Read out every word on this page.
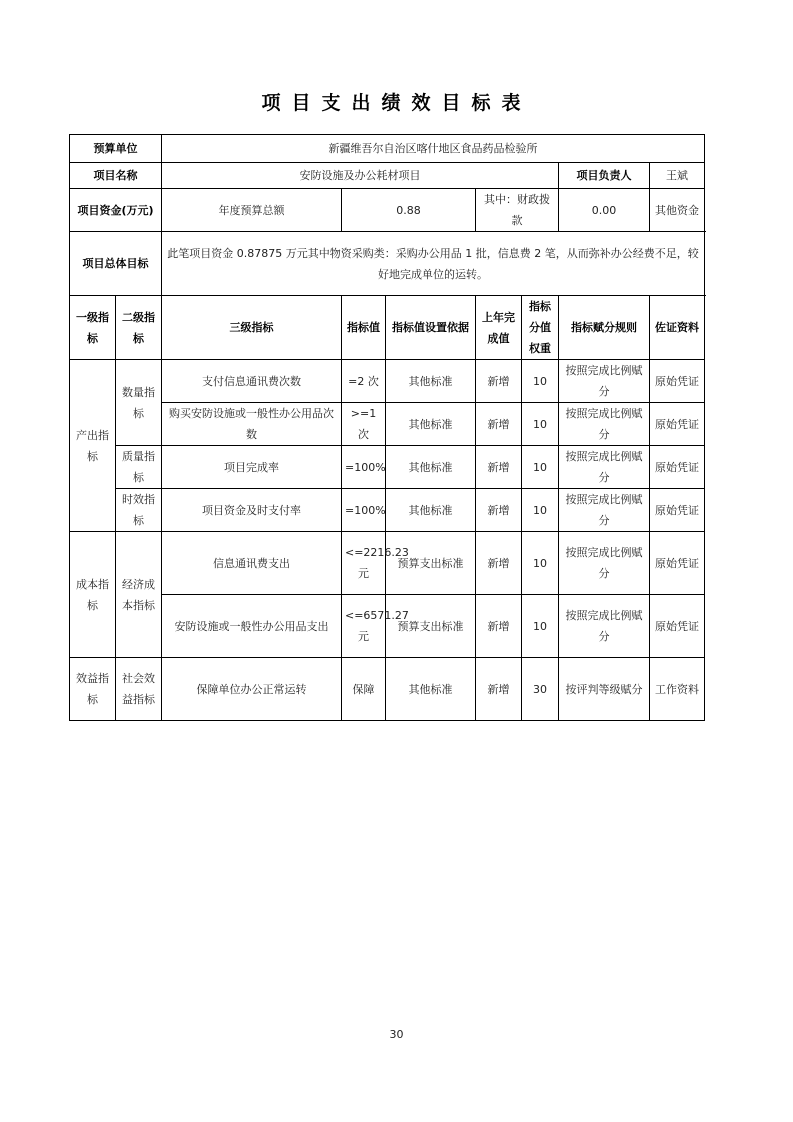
项目支出绩效目标表
预算单位		新疆维吾尔自治区喀什地区食品药品检验所							
项目名称		安防设施及办公耗材项目					项目负责人	王斌	
项目资金(万元)		年度预算总额	0.88		其中：财政拨款		0.00	其他资金	
项目总体目标		此笔项目资金 0.87875 万元其中物资采购类：采购办公用品 1 批，信息费 2 笔，从而弥补办公经费不足，较好地完成单位的运转。							
一级指标	二级指标	三级指标	指标值	指标值设置依据	上年完成值	指标分值权重	指标赋分规则	佐证资料	
产出指标	数量指标	支付信息通讯费次数	=2 次	其他标准	新增	10	按照完成比例赋分	原始凭证	
		购买安防设施或一般性办公用品次数	>=1 次	其他标准	新增	10	按照完成比例赋分	原始凭证	
	质量指标	项目完成率	=100%	其他标准	新增	10	按照完成比例赋分	原始凭证	
	时效指标	项目资金及时支付率	=100%	其他标准	新增	10	按照完成比例赋分	原始凭证	
成本指标	经济成本指标	信息通讯费支出	<=2216.23 元	预算支出标准	新增	10	按照完成比例赋分	原始凭证	
		安防设施或一般性办公用品支出	<=6571.27 元	预算支出标准	新增	10	按照完成比例赋分	原始凭证	
效益指标	社会效益指标	保障单位办公正常运转	保障	其他标准	新增	30	按评判等级赋分	工作资料	
30
